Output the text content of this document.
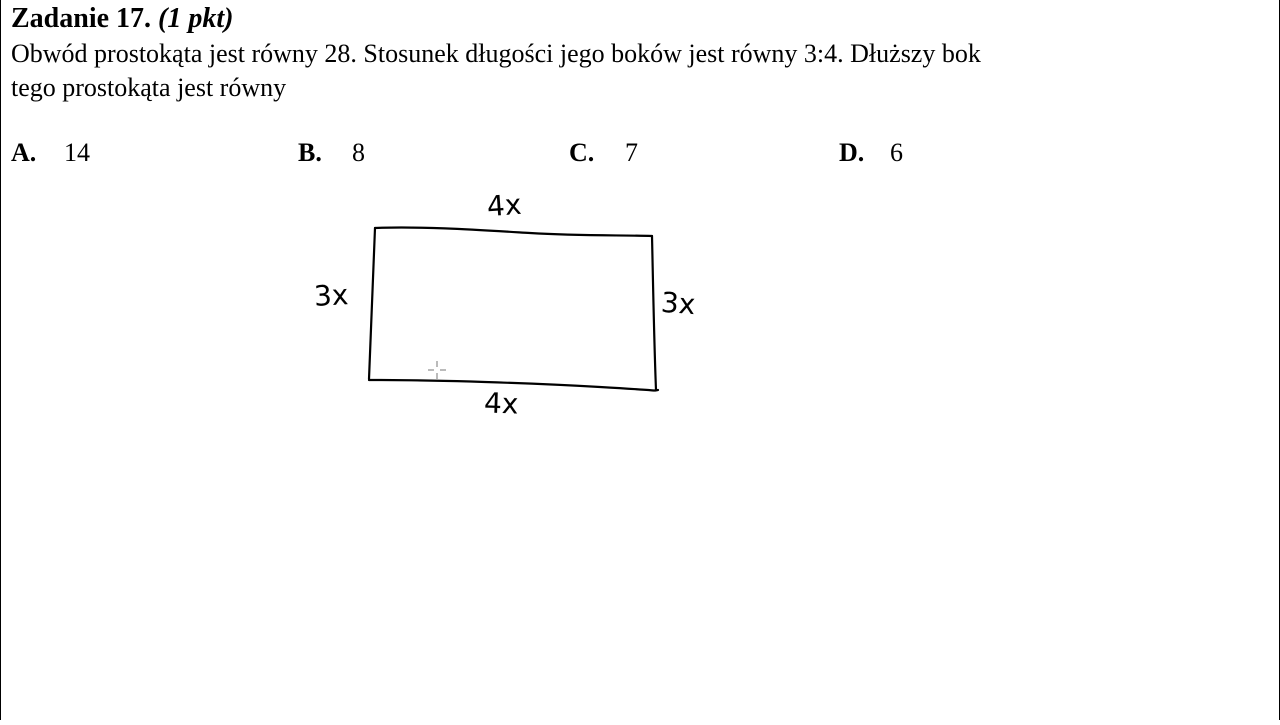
Zadanie 17. (1 pkt)
Obwód prostokąta jest równy 28. Stosunek długości jego boków jest równy 3:4. Dłuższy bok
tego prostokąta jest równy
A. 14	B. 8	C. 7	D. 6
4x
3x	3x
4x
